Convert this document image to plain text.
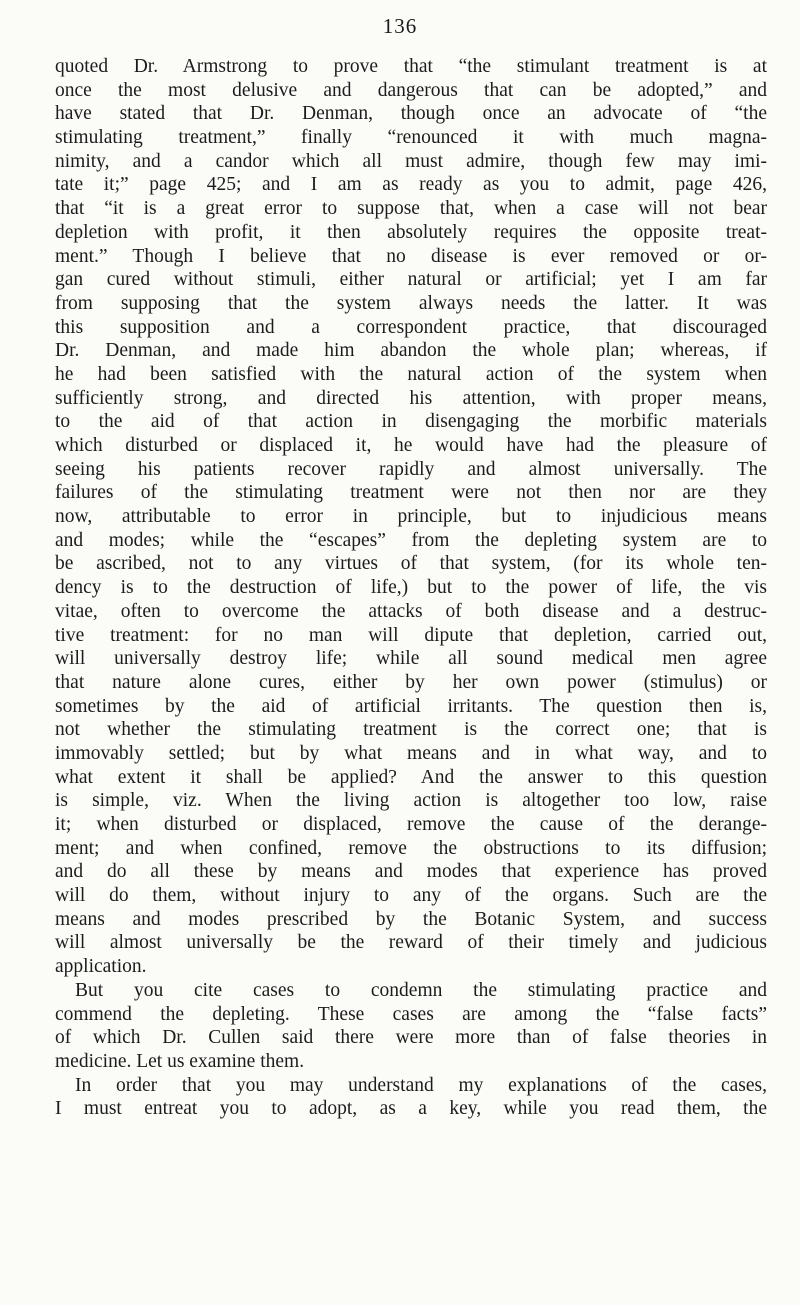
136
quoted Dr. Armstrong to prove that “the stimulant treatment is at
once the most delusive and dangerous that can be adopted,” and
have stated that Dr. Denman, though once an advocate of “the
stimulating treatment,” finally “renounced it with much magna-
nimity, and a candor which all must admire, though few may imi-
tate it;” page 425; and I am as ready as you to admit, page 426,
that “it is a great error to suppose that, when a case will not bear
depletion with profit, it then absolutely requires the opposite treat-
ment.” Though I believe that no disease is ever removed or or-
gan cured without stimuli, either natural or artificial; yet I am far
from supposing that the system always needs the latter. It was
this supposition and a correspondent practice, that discouraged
Dr. Denman, and made him abandon the whole plan; whereas, if
he had been satisfied with the natural action of the system when
sufficiently strong, and directed his attention, with proper means,
to the aid of that action in disengaging the morbific materials
which disturbed or displaced it, he would have had the pleasure of
seeing his patients recover rapidly and almost universally. The
failures of the stimulating treatment were not then nor are they
now, attributable to error in principle, but to injudicious means
and modes; while the “escapes” from the depleting system are to
be ascribed, not to any virtues of that system, (for its whole ten-
dency is to the destruction of life,) but to the power of life, the vis
vitae, often to overcome the attacks of both disease and a destruc-
tive treatment: for no man will dipute that depletion, carried out,
will universally destroy life; while all sound medical men agree
that nature alone cures, either by her own power (stimulus) or
sometimes by the aid of artificial irritants. The question then is,
not whether the stimulating treatment is the correct one; that is
immovably settled; but by what means and in what way, and to
what extent it shall be applied? And the answer to this question
is simple, viz. When the living action is altogether too low, raise
it; when disturbed or displaced, remove the cause of the derange-
ment; and when confined, remove the obstructions to its diffusion;
and do all these by means and modes that experience has proved
will do them, without injury to any of the organs. Such are the
means and modes prescribed by the Botanic System, and success
will almost universally be the reward of their timely and judicious
application.
But you cite cases to condemn the stimulating practice and
commend the depleting. These cases are among the “false facts”
of which Dr. Cullen said there were more than of false theories in
medicine. Let us examine them.
In order that you may understand my explanations of the cases,
I must entreat you to adopt, as a key, while you read them, the
